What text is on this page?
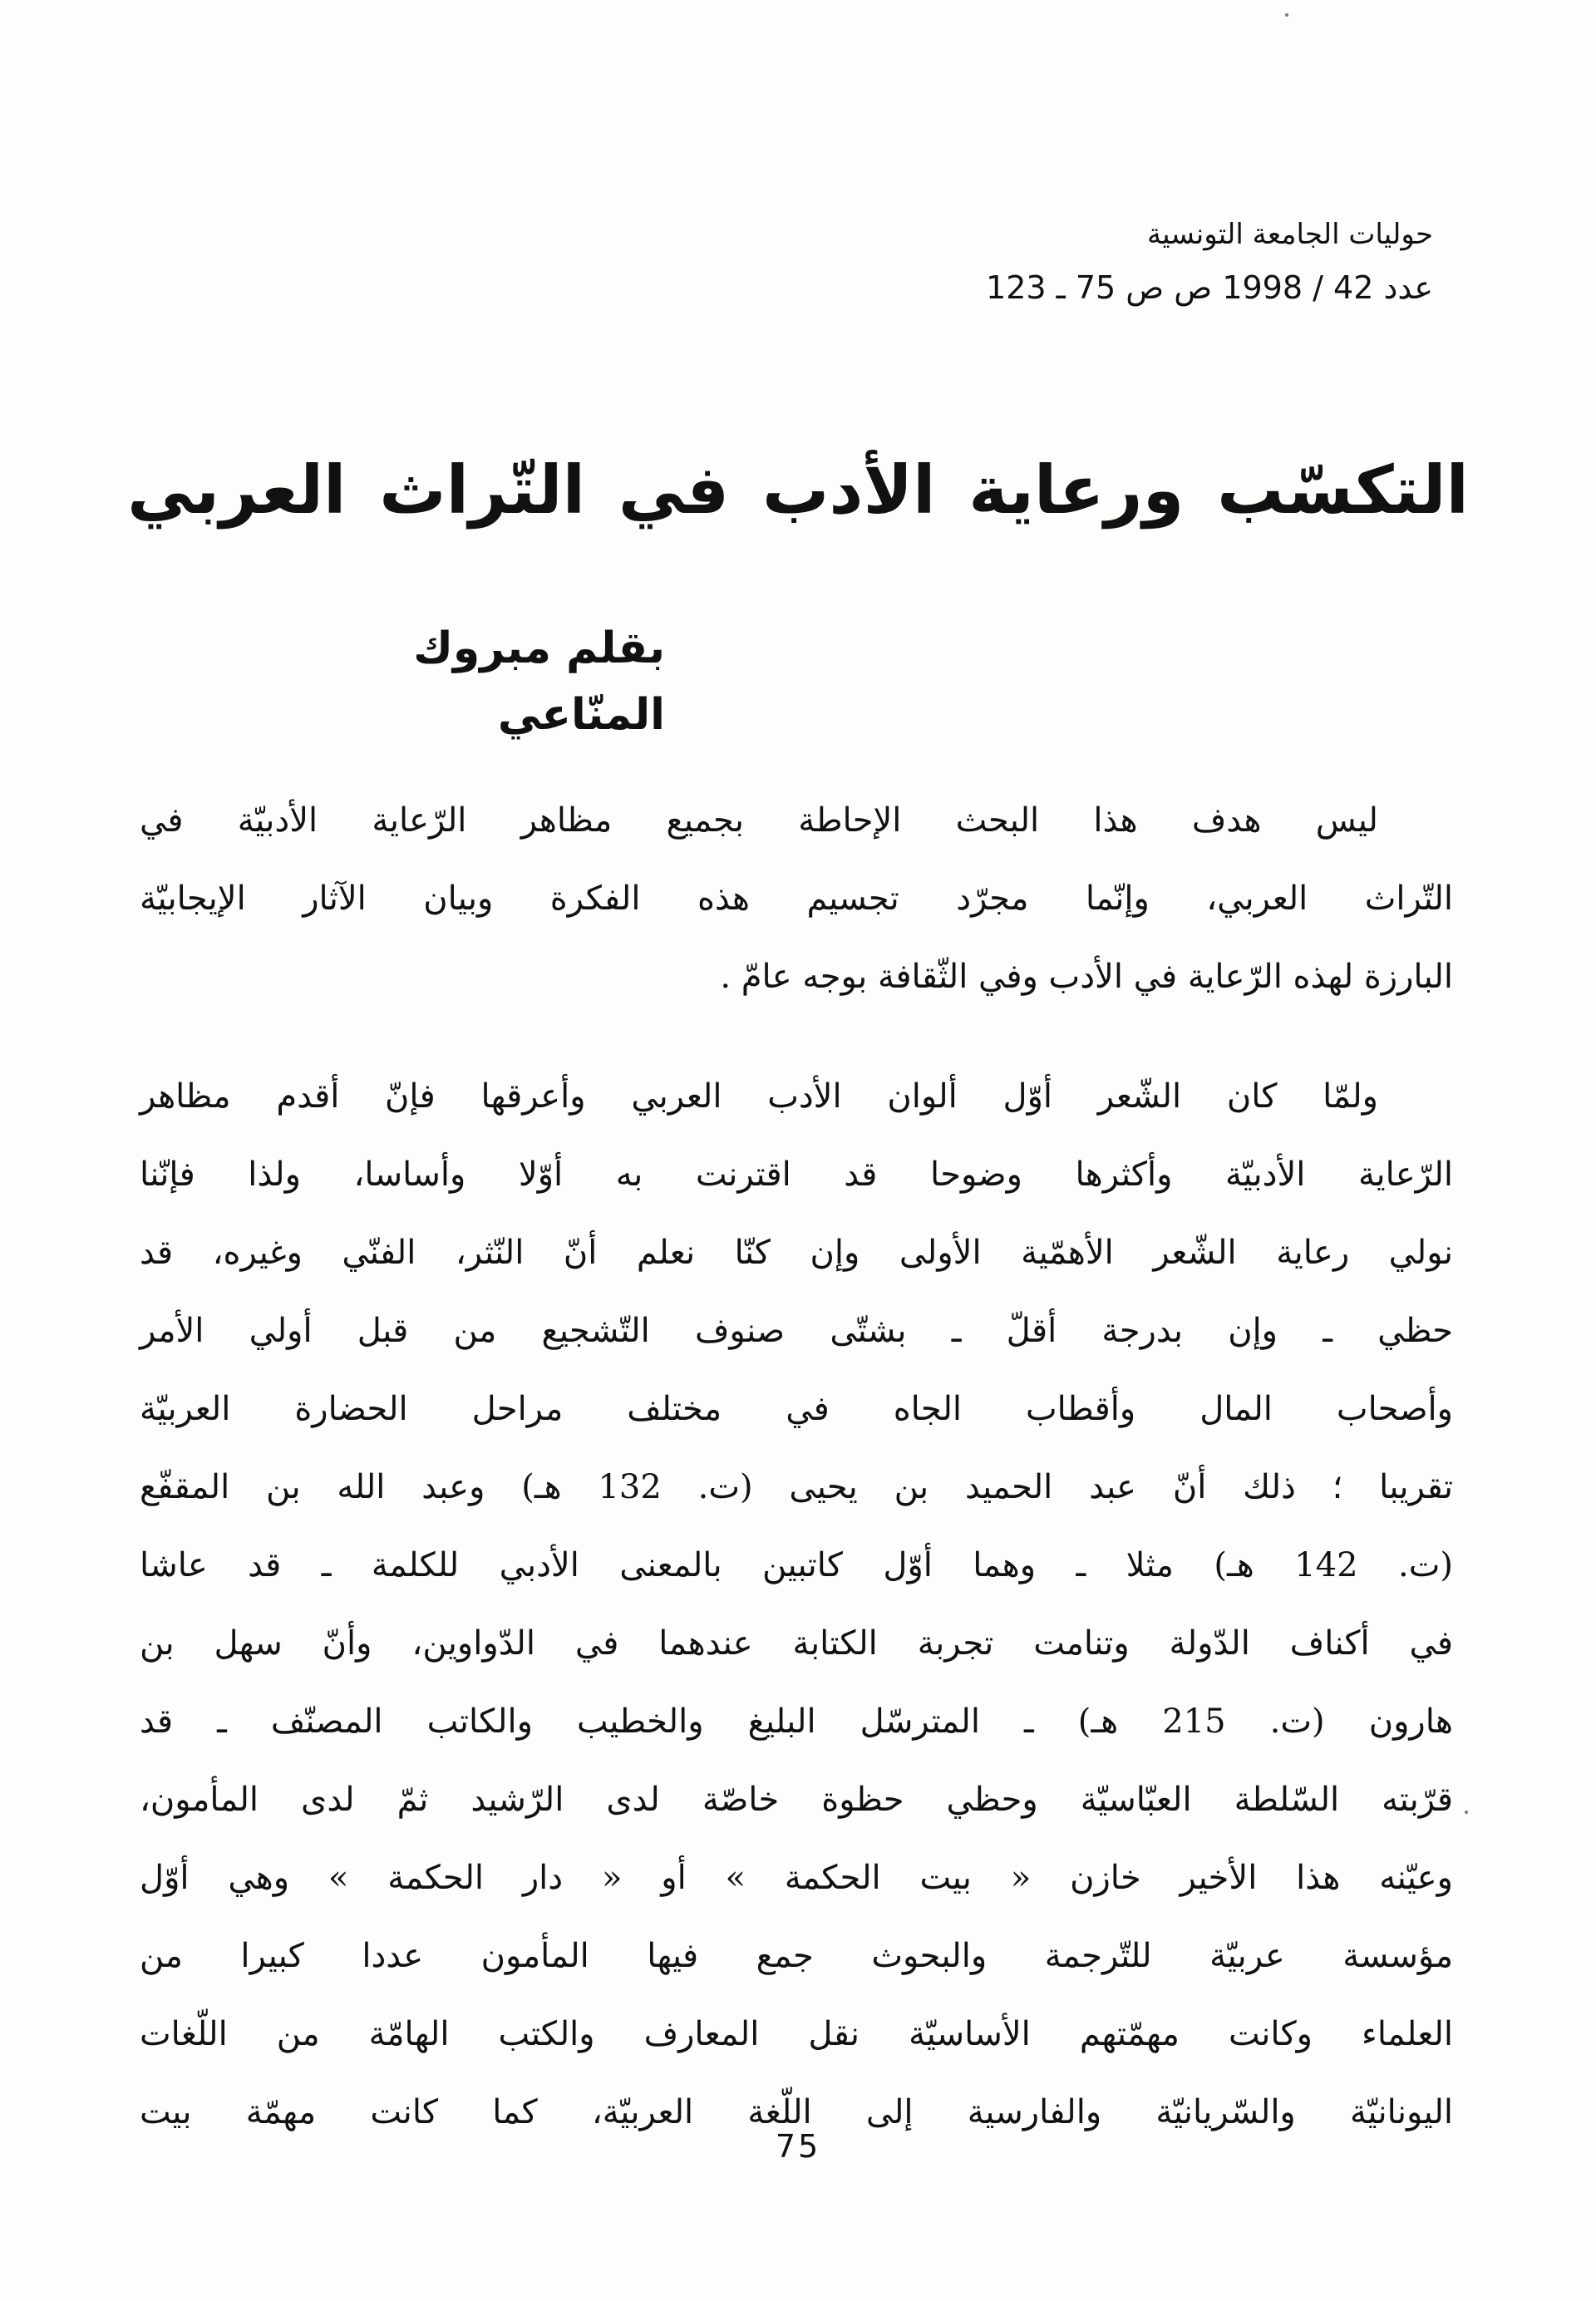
حوليات الجامعة التونسية
عدد 42 / 1998 ص ص 75 ـ 123
التكسّب ورعاية الأدب في التّراث العربي
بقلم مبروك المنّاعي
ليس هدف هذا البحث الإحاطة بجميع مظاهر الرّعاية الأدبيّة في
التّراث العربي، وإنّما مجرّد تجسيم هذه الفكرة وبيان الآثار الإيجابيّة
البارزة لهذه الرّعاية في الأدب وفي الثّقافة بوجه عامّ .
ولمّا كان الشّعر أوّل ألوان الأدب العربي وأعرقها فإنّ أقدم مظاهر
الرّعاية الأدبيّة وأكثرها وضوحا قد اقترنت به أوّلا وأساسا، ولذا فإنّنا
نولي رعاية الشّعر الأهمّية الأولى وإن كنّا نعلم أنّ النّثر، الفنّي وغيره، قد
حظي ـ وإن بدرجة أقلّ ـ بشتّى صنوف التّشجيع من قبل أولي الأمر
وأصحاب المال وأقطاب الجاه في مختلف مراحل الحضارة العربيّة
تقريبا ؛ ذلك أنّ عبد الحميد بن يحيى (ت. 132 هـ) وعبد الله بن المقفّع
(ت. 142 هـ) مثلا ـ وهما أوّل كاتبين بالمعنى الأدبي للكلمة ـ قد عاشا
في أكناف الدّولة وتنامت تجربة الكتابة عندهما في الدّواوين، وأنّ سهل بن
هارون (ت. 215 هـ) ـ المترسّل البليغ والخطيب والكاتب المصنّف ـ قد
قرّبته السّلطة العبّاسيّة وحظي حظوة خاصّة لدى الرّشيد ثمّ لدى المأمون،
وعيّنه هذا الأخير خازن « بيت الحكمة » أو « دار الحكمة » وهي أوّل
مؤسسة عربيّة للتّرجمة والبحوث جمع فيها المأمون عددا كبيرا من
العلماء وكانت مهمّتهم الأساسيّة نقل المعارف والكتب الهامّة من اللّغات
اليونانيّة والسّريانيّة والفارسية إلى اللّغة العربيّة، كما كانت مهمّة بيت
75
